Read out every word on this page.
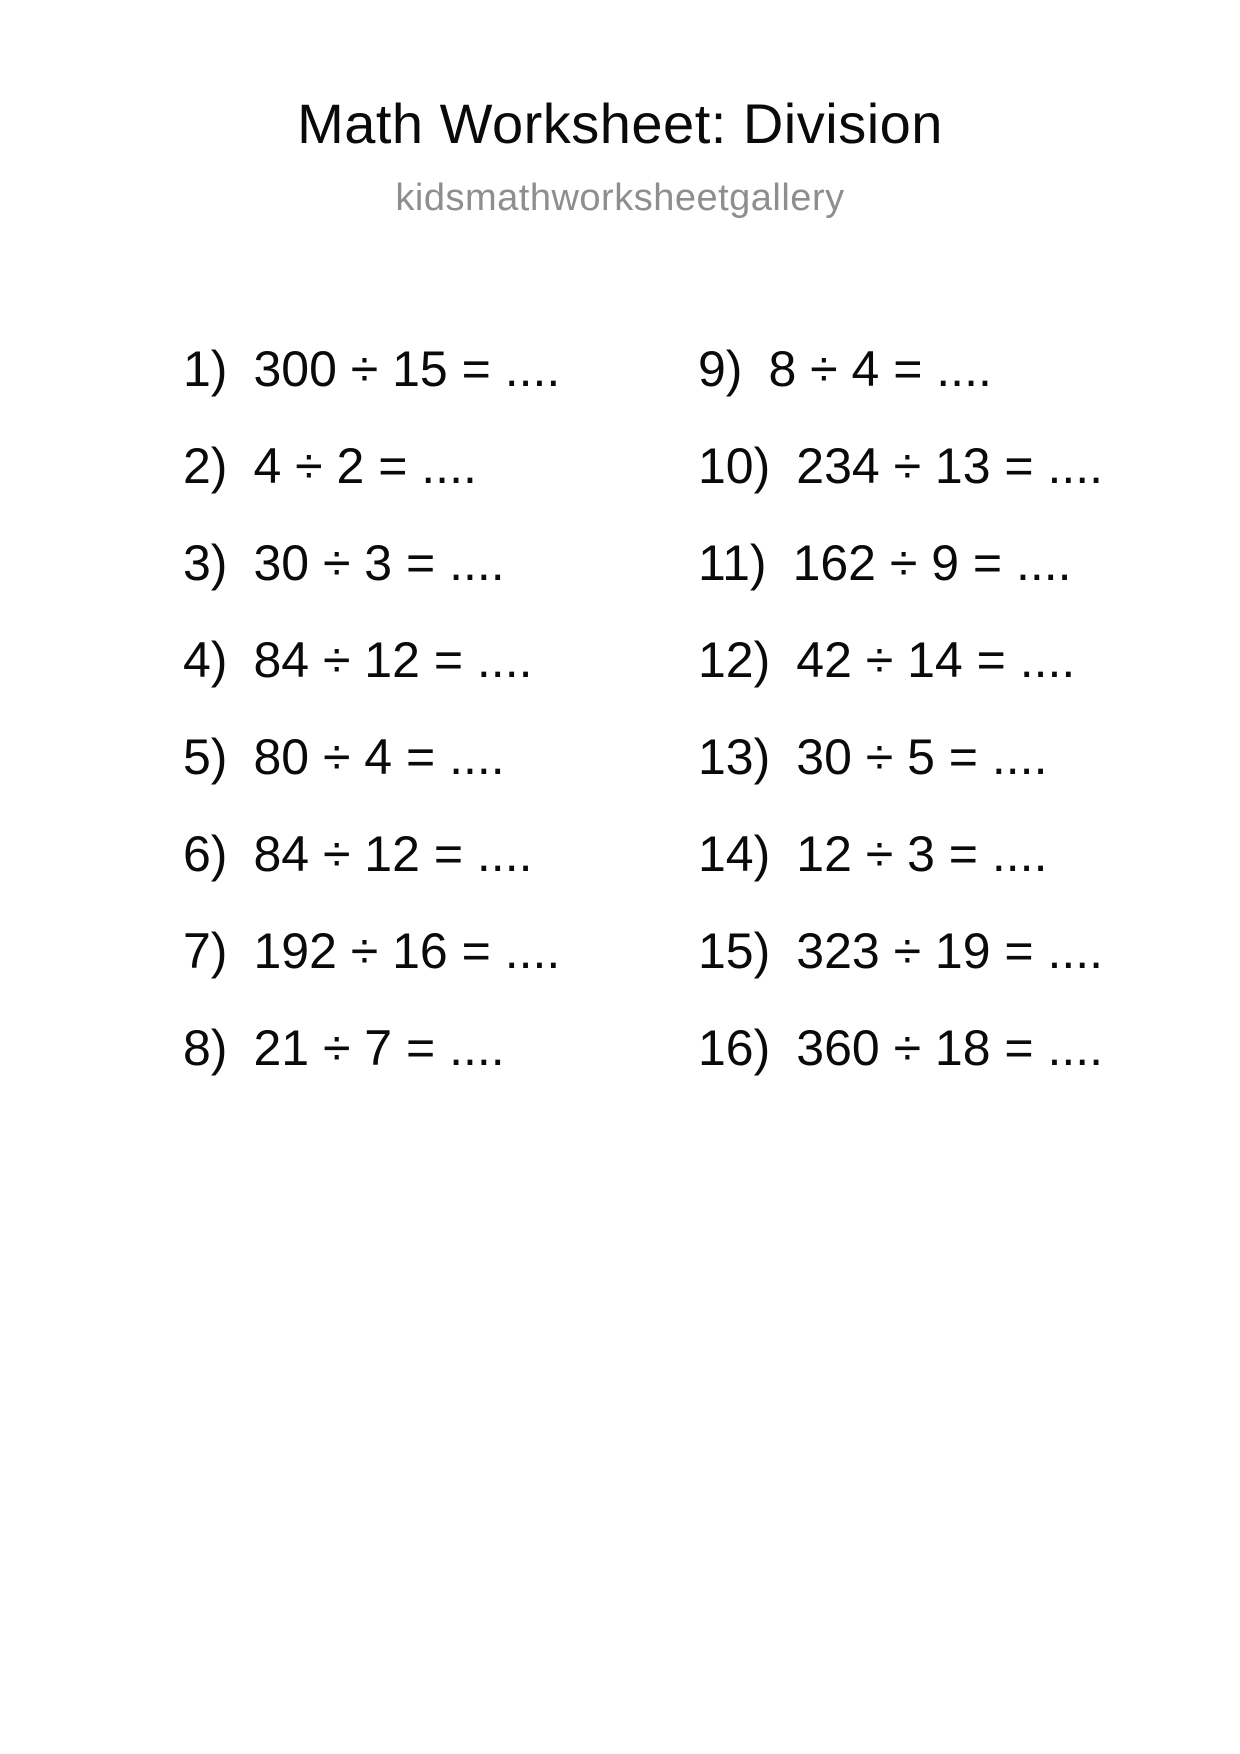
Math Worksheet: Division
kidsmathworksheetgallery
1) 300 ÷ 15 = ....
2) 4 ÷ 2 = ....
3) 30 ÷ 3 = ....
4) 84 ÷ 12 = ....
5) 80 ÷ 4 = ....
6) 84 ÷ 12 = ....
7) 192 ÷ 16 = ....
8) 21 ÷ 7 = ....
9) 8 ÷ 4 = ....
10) 234 ÷ 13 = ....
11) 162 ÷ 9 = ....
12) 42 ÷ 14 = ....
13) 30 ÷ 5 = ....
14) 12 ÷ 3 = ....
15) 323 ÷ 19 = ....
16) 360 ÷ 18 = ....
